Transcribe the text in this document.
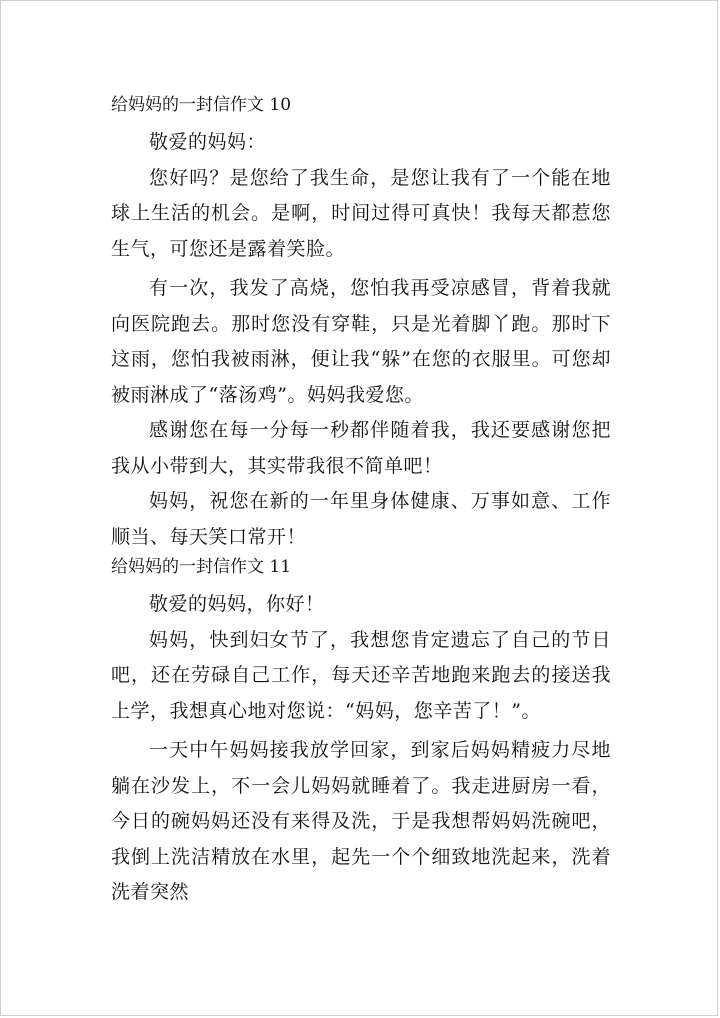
给妈妈的一封信作文 10

敬爱的妈妈：

您好吗？是您给了我生命，是您让我有了一个能在地球上生活的机会。是啊，时间过得可真快！我每天都惹您生气，可您还是露着笑脸。

有一次，我发了高烧，您怕我再受凉感冒，背着我就向医院跑去。那时您没有穿鞋，只是光着脚丫跑。那时下这雨，您怕我被雨淋，便让我“躲”在您的衣服里。可您却被雨淋成了“落汤鸡”。妈妈我爱您。

感谢您在每一分每一秒都伴随着我，我还要感谢您把我从小带到大，其实带我很不简单吧！

妈妈，祝您在新的一年里身体健康、万事如意、工作顺当、每天笑口常开！

给妈妈的一封信作文 11

敬爱的妈妈，你好！

妈妈，快到妇女节了，我想您肯定遗忘了自己的节日吧，还在劳碌自己工作，每天还辛苦地跑来跑去的接送我上学，我想真心地对您说：“妈妈，您辛苦了！”。

一天中午妈妈接我放学回家，到家后妈妈精疲力尽地躺在沙发上，不一会儿妈妈就睡着了。我走进厨房一看，今日的碗妈妈还没有来得及洗，于是我想帮妈妈洗碗吧，我倒上洗洁精放在水里，起先一个个细致地洗起来，洗着洗着突然
